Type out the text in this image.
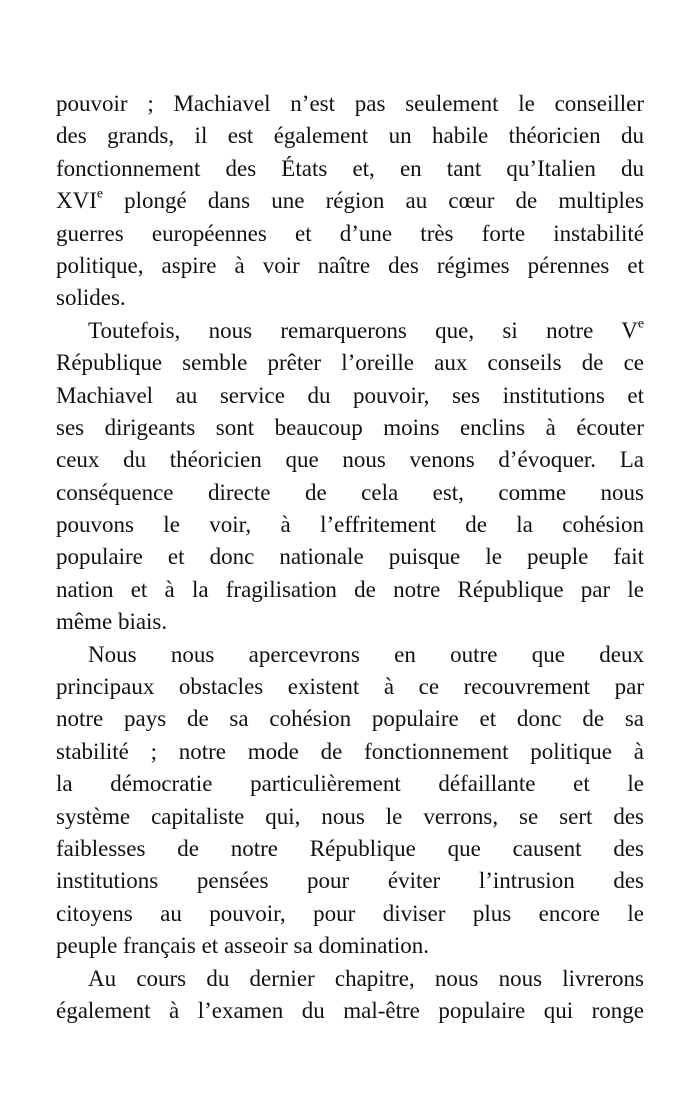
pouvoir ; Machiavel n’est pas seulement le conseiller
des grands, il est également un habile théoricien du
fonctionnement des États et, en tant qu’Italien du
XVIe plongé dans une région au cœur de multiples
guerres européennes et d’une très forte instabilité
politique, aspire à voir naître des régimes pérennes et
solides.
Toutefois, nous remarquerons que, si notre Ve
République semble prêter l’oreille aux conseils de ce
Machiavel au service du pouvoir, ses institutions et
ses dirigeants sont beaucoup moins enclins à écouter
ceux du théoricien que nous venons d’évoquer. La
conséquence directe de cela est, comme nous
pouvons le voir, à l’effritement de la cohésion
populaire et donc nationale puisque le peuple fait
nation et à la fragilisation de notre République par le
même biais.
Nous nous apercevrons en outre que deux
principaux obstacles existent à ce recouvrement par
notre pays de sa cohésion populaire et donc de sa
stabilité ; notre mode de fonctionnement politique à
la démocratie particulièrement défaillante et le
système capitaliste qui, nous le verrons, se sert des
faiblesses de notre République que causent des
institutions pensées pour éviter l’intrusion des
citoyens au pouvoir, pour diviser plus encore le
peuple français et asseoir sa domination.
Au cours du dernier chapitre, nous nous livrerons
également à l’examen du mal-être populaire qui ronge
